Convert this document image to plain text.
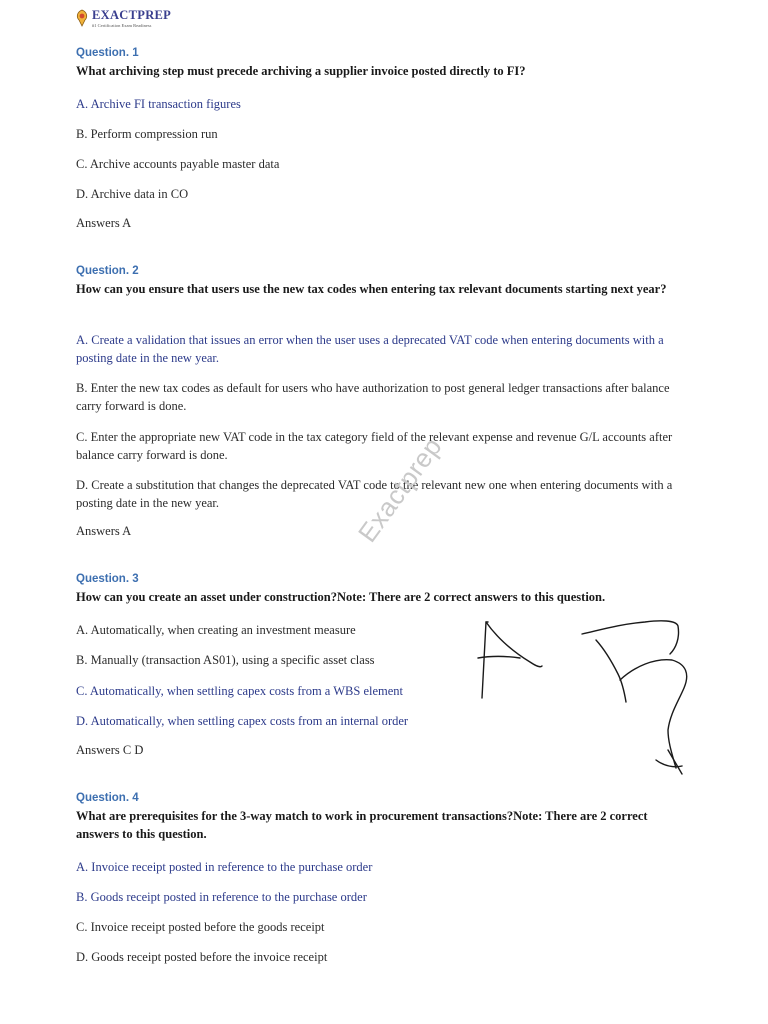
EXACTPREP
#1 Certification Exam Readiness

Question. 1

What archiving step must precede archiving a supplier invoice posted directly to FI?

A. Archive FI transaction figures

B. Perform compression run

C. Archive accounts payable master data

D. Archive data in CO

Answers A

Question. 2

How can you ensure that users use the new tax codes when entering tax relevant documents starting next year?

A. Create a validation that issues an error when the user uses a deprecated VAT code when entering documents with a posting date in the new year.

B. Enter the new tax codes as default for users who have authorization to post general ledger transactions after balance carry forward is done.

C. Enter the appropriate new VAT code in the tax category field of the relevant expense and revenue G/L accounts after balance carry forward is done.

D. Create a substitution that changes the deprecated VAT code to the relevant new one when entering documents with a posting date in the new year.

Answers A

Question. 3

How can you create an asset under construction?Note: There are 2 correct answers to this question.

A. Automatically, when creating an investment measure

B. Manually (transaction AS01), using a specific asset class

C. Automatically, when settling capex costs from a WBS element

D. Automatically, when settling capex costs from an internal order

Answers C D

Question. 4

What are prerequisites for the 3-way match to work in procurement transactions?Note: There are 2 correct answers to this question.

A. Invoice receipt posted in reference to the purchase order

B. Goods receipt posted in reference to the purchase order

C. Invoice receipt posted before the goods receipt

D. Goods receipt posted before the invoice receipt

Exactprep
